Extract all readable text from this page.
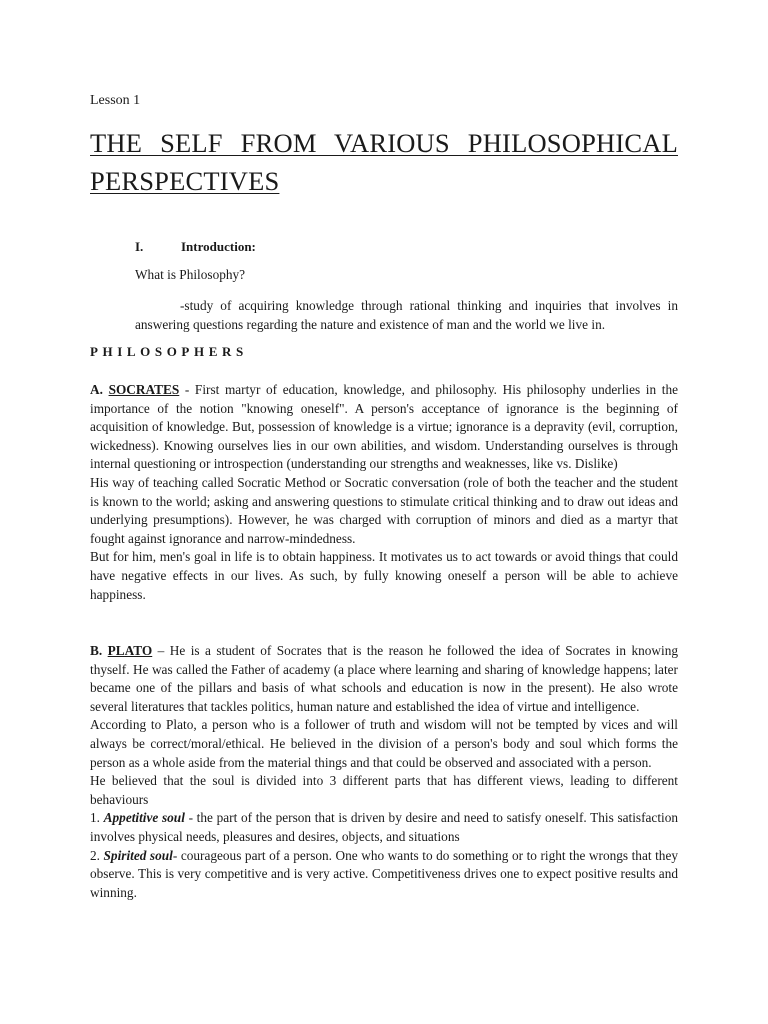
Lesson 1
THE SELF FROM VARIOUS PHILOSOPHICAL PERSPECTIVES
I.	Introduction:
What is Philosophy?
-study of acquiring knowledge through rational thinking and inquiries that involves in answering questions regarding the nature and existence of man and the world we live in.
PHILOSOPHERS

A. SOCRATES - First martyr of education, knowledge, and philosophy. His philosophy underlies in the importance of the notion "knowing oneself". A person's acceptance of ignorance is the beginning of acquisition of knowledge. But, possession of knowledge is a virtue; ignorance is a depravity (evil, corruption, wickedness). Knowing ourselves lies in our own abilities, and wisdom. Understanding ourselves is through internal questioning or introspection (understanding our strengths and weaknesses, like vs. Dislike)

His way of teaching called Socratic Method or Socratic conversation (role of both the teacher and the student is known to the world; asking and answering questions to stimulate critical thinking and to draw out ideas and underlying presumptions). However, he was charged with corruption of minors and died as a martyr that fought against ignorance and narrow-mindedness.

But for him, men's goal in life is to obtain happiness. It motivates us to act towards or avoid things that could have negative effects in our lives. As such, by fully knowing oneself a person will be able to achieve happiness.

B. PLATO – He is a student of Socrates that is the reason he followed the idea of Socrates in knowing thyself. He was called the Father of academy (a place where learning and sharing of knowledge happens; later became one of the pillars and basis of what schools and education is now in the present). He also wrote several literatures that tackles politics, human nature and established the idea of virtue and intelligence.

According to Plato, a person who is a follower of truth and wisdom will not be tempted by vices and will always be correct/moral/ethical. He believed in the division of a person's body and soul which forms the person as a whole aside from the material things and that could be observed and associated with a person.

He believed that the soul is divided into 3 different parts that has different views, leading to different behaviours

1. Appetitive soul - the part of the person that is driven by desire and need to satisfy oneself. This satisfaction involves physical needs, pleasures and desires, objects, and situations

2. Spirited soul- courageous part of a person. One who wants to do something or to right the wrongs that they observe. This is very competitive and is very active. Competitiveness drives one to expect positive results and winning.
